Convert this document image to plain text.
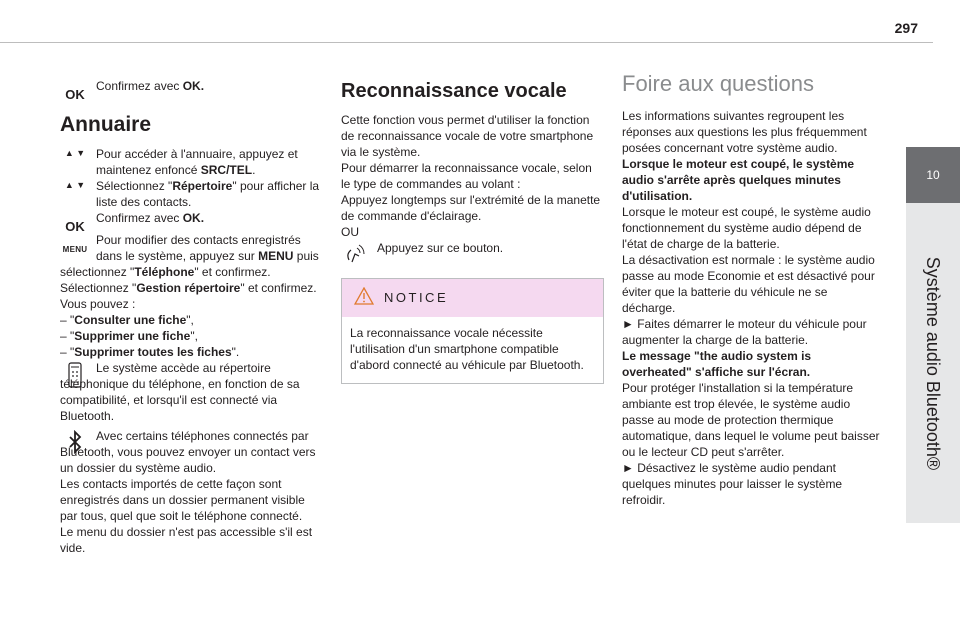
297
10
Système audio Bluetooth®
OK

Confirmez avec OK.

Annuaire
▲ ▼ Pour accéder à l'annuaire, appuyez et maintenez enfoncé SRC/TEL.

▲ ▼ Sélectionnez "Répertoire" pour afficher la liste des contacts.

OK

Confirmez avec OK.

MENU

Pour modifier des contacts enregistrés dans le système, appuyez sur MENU puis

sélectionnez "Téléphone" et confirmez.

Sélectionnez "Gestion répertoire" et confirmez.

Vous pouvez :

– "Consulter une fiche",

– "Supprimer une fiche",

– "Supprimer toutes les fiches".

Le système accède au répertoire téléphonique du téléphone, en fonction de sa compatibilité, et lorsqu'il est connecté via Bluetooth.

Avec certains téléphones connectés par Bluetooth, vous pouvez envoyer un contact vers un dossier du système audio.

Les contacts importés de cette façon sont enregistrés dans un dossier permanent visible par tous, quel que soit le téléphone connecté.

Le menu du dossier n'est pas accessible s'il est vide.

Reconnaissance vocale

Cette fonction vous permet d'utiliser la fonction de reconnaissance vocale de votre smartphone via le système.

Pour démarrer la reconnaissance vocale, selon le type de commandes au volant :

Appuyez longtemps sur l'extrémité de la manette de commande d'éclairage.

OU

Appuyez sur ce bouton.

NOTICE
La reconnaissance vocale nécessite l'utilisation d'un smartphone compatible d'abord connecté au véhicule par Bluetooth.
Foire aux questions

Les informations suivantes regroupent les réponses aux questions les plus fréquemment posées concernant votre système audio.

Lorsque le moteur est coupé, le système audio s'arrête après quelques minutes d'utilisation.

Lorsque le moteur est coupé, le système audio fonctionnement du système audio dépend de l'état de charge de la batterie.

La désactivation est normale : le système audio passe au mode Economie et est désactivé pour éviter que la batterie du véhicule ne se décharge.

► Faites démarrer le moteur du véhicule pour augmenter la charge de la batterie.

Le message "the audio system is overheated" s'affiche sur l'écran.

Pour protéger l'installation si la température ambiante est trop élevée, le système audio passe au mode de protection thermique automatique, dans lequel le volume peut baisser ou le lecteur CD peut s'arrêter.

► Désactivez le système audio pendant quelques minutes pour laisser le système refroidir.
